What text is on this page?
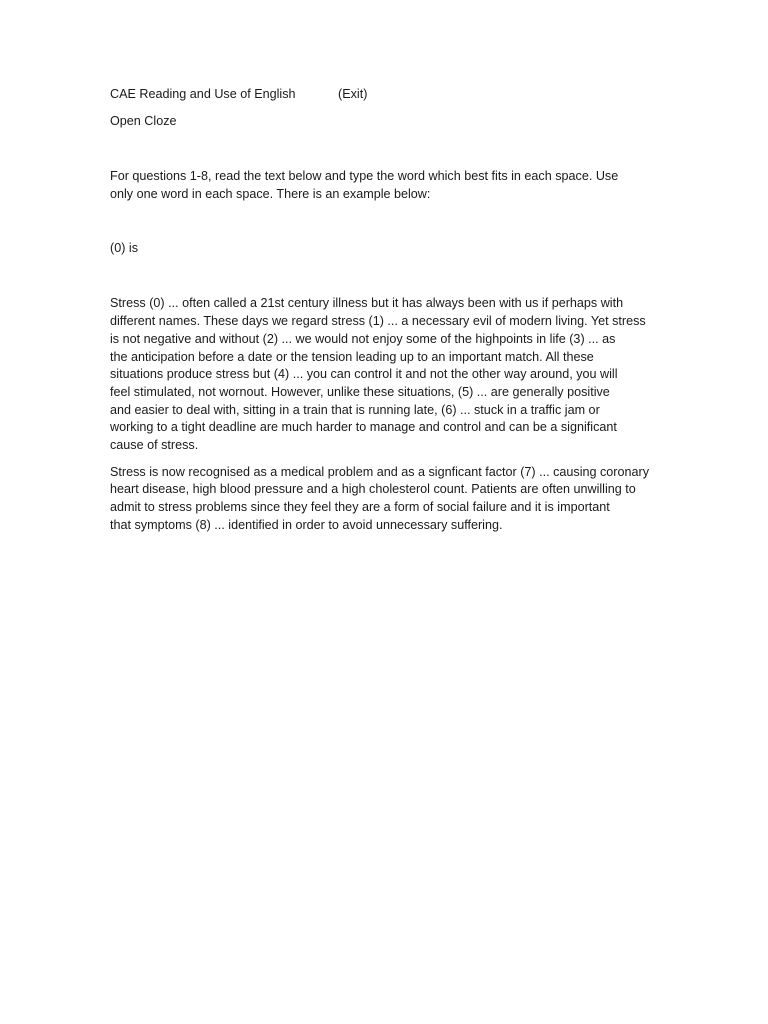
CAE Reading and Use of English	(Exit)
Open Cloze
For questions 1-8, read the text below and type the word which best fits in each space. Use
only one word in each space. There is an example below:
(0) is
Stress (0) ... often called a 21st century illness but it has always been with us if perhaps with
different names. These days we regard stress (1) ... a necessary evil of modern living. Yet stress
is not negative and without (2) ... we would not enjoy some of the highpoints in life (3) ... as
the anticipation before a date or the tension leading up to an important match. All these
situations produce stress but (4) ... you can control it and not the other way around, you will
feel stimulated, not wornout. However, unlike these situations, (5) ... are generally positive
and easier to deal with, sitting in a train that is running late, (6) ... stuck in a traffic jam or
working to a tight deadline are much harder to manage and control and can be a significant
cause of stress.
Stress is now recognised as a medical problem and as a signficant factor (7) ... causing coronary
heart disease, high blood pressure and a high cholesterol count. Patients are often unwilling to
admit to stress problems since they feel they are a form of social failure and it is important
that symptoms (8) ... identified in order to avoid unnecessary suffering.
